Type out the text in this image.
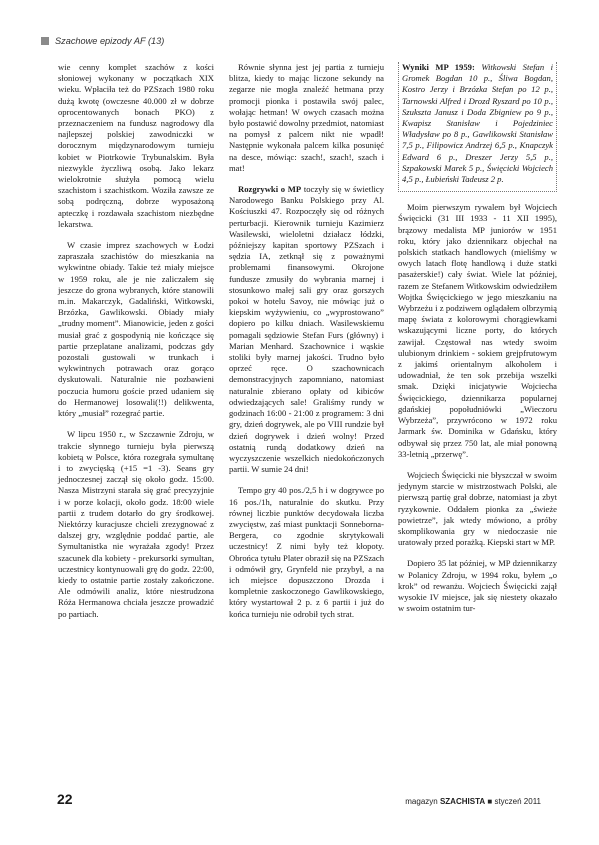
Szachowe epizody AF (13)

wie cenny komplet szachów z kości słoniowej wykonany w początkach XIX wieku. Wpłaciła też do PZSzach 1980 roku dużą kwotę (owczesne 40.000 zł w dobrze oprocentowanych bonach PKO) z przeznaczeniem na fundusz nagrodowy dla najlepszej polskiej zawodniczki w dorocznym międzynarodowym turnieju kobiet w Piotrkowie Trybunalskim. Była niezwykle życzliwą osobą. Jako lekarz wielokrotnie służyła pomocą wielu szachistom i szachistkom. Woziła zawsze ze sobą podręczną, dobrze wyposażoną apteczkę i rozdawała szachistom niezbędne lekarstwa.

W czasie imprez szachowych w Łodzi zapraszała szachistów do mieszkania na wykwintne obiady. Takie też miały miejsce w 1959 roku, ale je nie zaliczałem się jeszcze do grona wybranych, które stanowili m.in. Makarczyk, Gadaliński, Witkowski, Brzózka, Gawlikowski. Obiady miały „trudny moment”. Mianowicie, jeden z gości musiał grać z gospodynią nie kończące się partie przeplatane analizami, podczas gdy pozostali gustowali w trunkach i wykwintnych potrawach oraz gorąco dyskutowali. Naturalnie nie pozbawieni poczucia humoru goście przed udaniem się do Hermanowej losowali(!!) delikwenta, który „musiał” rozegrać partie.

W lipcu 1950 r., w Szczawnie Zdroju, w trakcie słynnego turnieju była pierwszą kobietą w Polsce, która rozegrała symultanę i to zwycięską (+15 =1 -3). Seans gry jednoczesnej zaczął się około godz. 15:00. Nasza Mistrzyni starała się grać precyzyjnie i w porze kolacji, około godz. 18:00 wiele partii z trudem dotarło do gry środkowej. Niektórzy kuracjusze chcieli zrezygnować z dalszej gry, względnie poddać partie, ale Symultanistka nie wyrażała zgody! Przez szacunek dla kobiety - prekursorki symultan, uczestnicy kontynuowali grę do godz. 22:00, kiedy to ostatnie partie zostały zakończone. Ale odmówili analiz, które niestrudzona Róża Hermanowa chciała jeszcze prowadzić po partiach.

Równie słynna jest jej partia z turnieju blitza, kiedy to mając liczone sekundy na zegarze nie mogła znaleźć hetmana przy promocji pionka i postawiła swój palec, wołając hetman! W owych czasach można było postawić dowolny przedmiot, natomiast na pomysł z palcem nikt nie wpadł! Następnie wykonała palcem kilka posunięć na desce, mówiąc: szach!, szach!, szach i mat!

Rozgrywki o MP toczyły się w świetlicy Narodowego Banku Polskiego przy Al. Kościuszki 47. Rozpoczęły się od różnych perturbacji. Kierownik turnieju Kazimierz Wasilewski, wieloletni działacz łódzki, późniejszy kapitan sportowy PZSzach i sędzia IA, zetknął się z poważnymi problemami finansowymi. Okrojone fundusze zmusiły do wybrania marnej i stosunkowo małej sali gry oraz gorszych pokoi w hotelu Savoy, nie mówiąc już o kiepskim wyżywieniu, co „wyprostowano” dopiero po kilku dniach. Wasilewskiemu pomagali sędziowie Stefan Furs (główny) i Marian Menhard. Szachownice i wąskie stoliki były marnej jakości. Trudno było oprzeć ręce. O szachownicach demonstracyjnych zapomniano, natomiast naturalnie zbierano opłaty od kibiców odwiedzających sale! Graliśmy rundy w godzinach 16:00 - 21:00 z programem: 3 dni gry, dzień dogrywek, ale po VIII rundzie był dzień dogrywek i dzień wolny! Przed ostatnią rundą dodatkowy dzień na wyczyszczenie wszelkich niedokończonych partii. W sumie 24 dni!

Tempo gry 40 pos./2,5 h i w dogrywce po 16 pos./1h, naturalnie do skutku. Przy równej liczbie punktów decydowała liczba zwycięstw, zaś miast punktacji Sonneborna-Bergera, co zgodnie skrytykowali uczestnicy! Z nimi były też kłopoty. Obrońca tytułu Plater obraził się na PZSzach i odmówił gry, Grynfeld nie przybył, a na ich miejsce dopuszczono Drozda i kompletnie zaskoczonego Gawlikowskiego, który wystartował 2 p. z 6 partii i już do końca turnieju nie odrobił tych strat.

Wyniki MP 1959: Witkowski Stefan i Gromek Bogdan 10 p., Śliwa Bogdan, Kostro Jerzy i Brzózka Stefan po 12 p., Tarnowski Alfred i Drozd Ryszard po 10 p., Szukszta Janusz i Doda Zbigniew po 9 p., Kwapisz Stanisław i Pojedziniec Władysław po 8 p., Gawlikowski Stanisław 7,5 p., Filipowicz Andrzej 6,5 p., Knapczyk Edward 6 p., Dreszer Jerzy 5,5 p., Szpakowski Marek 5 p., Święcicki Wojciech 4,5 p., Łubieński Tadeusz 2 p.

Moim pierwszym rywalem był Wojciech Święcicki (31 III 1933 - 11 XII 1995), brązowy medalista MP juniorów w 1951 roku, który jako dziennikarz objechał na polskich statkach handlowych (mieliśmy w owych latach flotę handlową i duże statki pasażerskie!) cały świat. Wiele lat później, razem ze Stefanem Witkowskim odwiedziłem Wojtka Święcickiego w jego mieszkaniu na Wybrzeżu i z podziwem oglądałem olbrzymią mapę świata z kolorowymi chorągiewkami wskazującymi liczne porty, do których zawijał. Częstował nas wtedy swoim ulubionym drinkiem - sokiem grejpfrutowym z jakimś orientalnym alkoholem i udowadniał, że ten sok przebija wszelki smak. Dzięki inicjatywie Wojciecha Święcickiego, dziennikarza popularnej gdańskiej popołudniówki „Wieczoru Wybrzeża”, przywrócono w 1972 roku Jarmark św. Dominika w Gdańsku, który odbywał się przez 750 lat, ale miał ponowną 33-letnią „przerwę”.

Wojciech Święcicki nie błyszczał w swoim jedynym starcie w mistrzostwach Polski, ale pierwszą partię grał dobrze, natomiast ja zbyt ryzykownie. Oddałem pionka za „świeże powietrze”, jak wtedy mówiono, a próby skomplikowania gry w niedoczasie nie uratowały przed porażką. Kiepski start w MP.

Dopiero 35 lat później, w MP dziennikarzy w Polanicy Zdroju, w 1994 roku, byłem „o krok” od rewanżu. Wojciech Święcicki zajął wysokie IV miejsce, jak się niestety okazało w swoim ostatnim tur-

22	magazyn SZACHISTA ■ styczeń 2011
